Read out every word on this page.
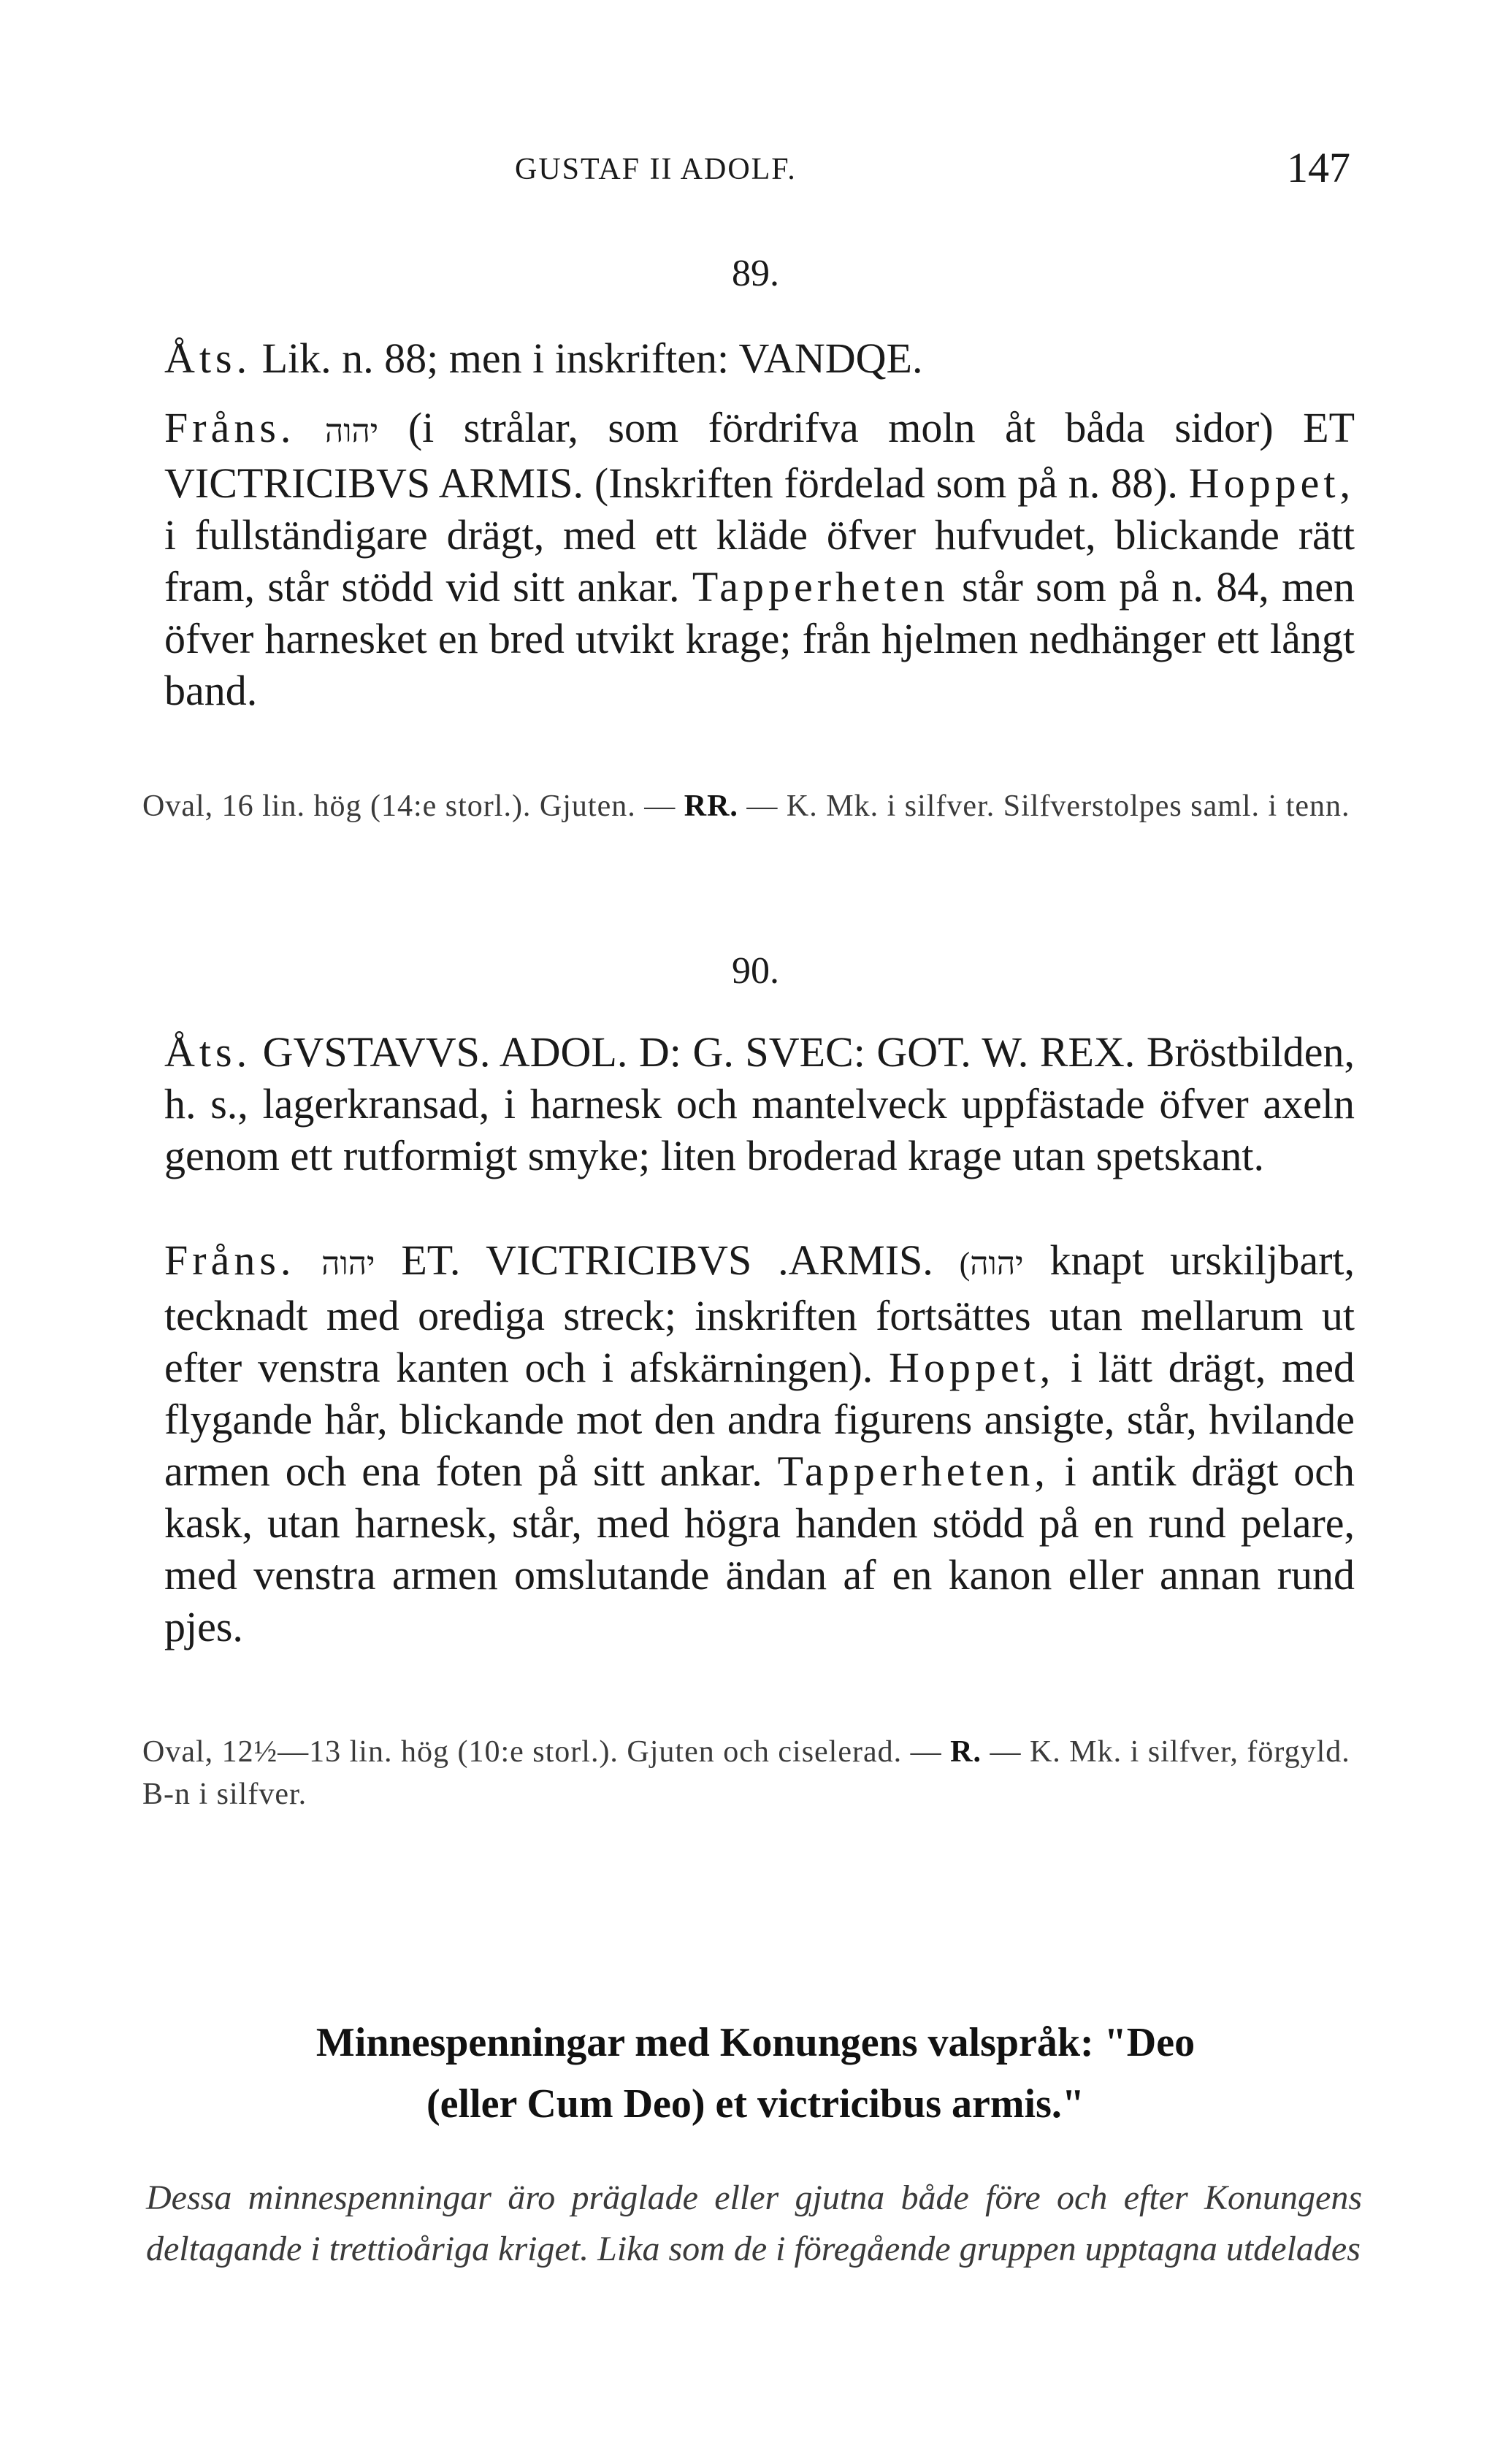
GUSTAF II ADOLF.	147
89.
Åts. Lik. n. 88; men i inskriften: VANDQE.
Fråns. יהוה (i strålar, som fördrifva moln åt båda sidor) ET VICTRICIBVS ARMIS. (Inskriften fördelad som på n. 88). Hoppet, i fullständigare drägt, med ett kläde öfver hufvudet, blickande rätt fram, står stödd vid sitt ankar. Tapperheten står som på n. 84, men öfver harnesket en bred utvikt krage; från hjelmen nedhänger ett långt band.
Oval, 16 lin. hög (14:e storl.). Gjuten. — RR. — K. Mk. i silfver. Silfverstolpes saml. i tenn.
90.
Åts. GVSTAVVS. ADOL. D: G. SVEC: GOT. W. REX. Bröstbilden, h. s., lagerkransad, i harnesk och mantelveck uppfästade öfver axeln genom ett rutformigt smyke; liten broderad krage utan spetskant.
Fråns. יהוה ET. VICTRICIBVS .ARMIS. (יהוה knapt urskiljbart, tecknadt med orediga streck; inskriften fortsättes utan mellarum ut efter venstra kanten och i afskärningen). Hoppet, i lätt drägt, med flygande hår, blickande mot den andra figurens ansigte, står, hvilande armen och ena foten på sitt ankar. Tapperheten, i antik drägt och kask, utan harnesk, står, med högra handen stödd på en rund pelare, med venstra armen omslutande ändan af en kanon eller annan rund pjes.
Oval, 12½—13 lin. hög (10:e storl.). Gjuten och ciselerad. — R. — K. Mk. i silfver, förgyld. B-n i silfver.
Minnespenningar med Konungens valspråk: "Deo
(eller Cum Deo) et victricibus armis."
Dessa minnespenningar äro präglade eller gjutna både före och efter Konungens deltagande i trettioåriga kriget. Lika som de i föregående gruppen upptagna utdelades
